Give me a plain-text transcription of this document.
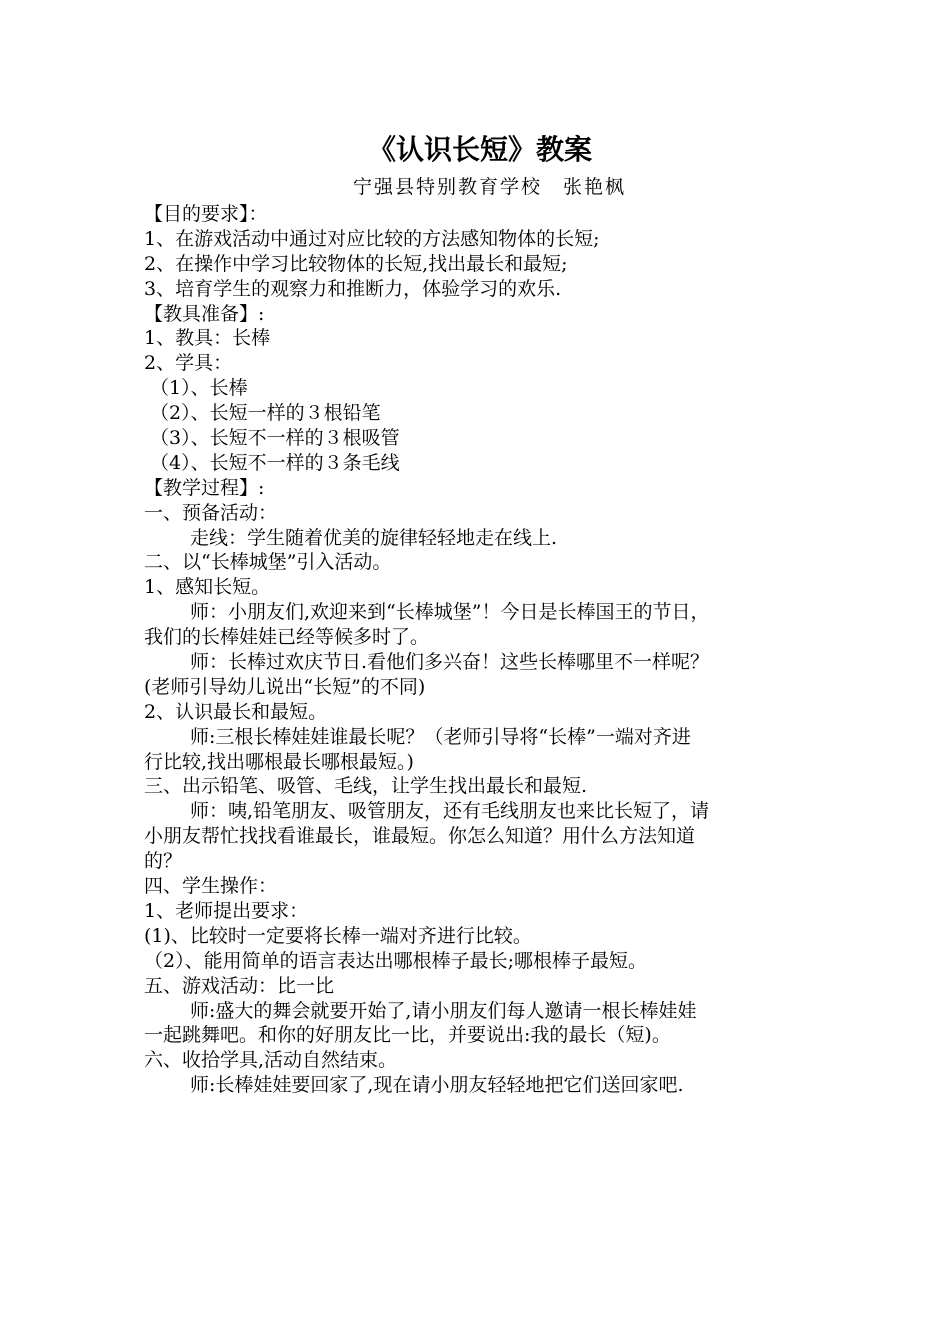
《认识长短》教案
宁强县特别教育学校　张艳枫
【目的要求】：
1、在游戏活动中通过对应比较的方法感知物体的长短;
2、在操作中学习比较物体的长短,找出最长和最短;
3、培育学生的观察力和推断力，体验学习的欢乐.
【教具准备】:
1、教具：长棒
2、学具：
（1）、长棒
（2）、长短一样的３根铅笔
（3）、长短不一样的３根吸管
（4）、长短不一样的３条毛线
【教学过程】:
一、预备活动：
走线：学生随着优美的旋律轻轻地走在线上.
二、以“长棒城堡”引入活动。
1、感知长短。
师：小朋友们,欢迎来到“长棒城堡”！今日是长棒国王的节日，
我们的长棒娃娃已经等候多时了。
师：长棒过欢庆节日.看他们多兴奋！这些长棒哪里不一样呢？
(老师引导幼儿说出“长短”的不同)
2、认识最长和最短。
师:三根长棒娃娃谁最长呢？（老师引导将“长棒”一端对齐进
行比较,找出哪根最长哪根最短。)
三、出示铅笔、吸管、毛线，让学生找出最长和最短.
师：咦,铅笔朋友、吸管朋友，还有毛线朋友也来比长短了，请
小朋友帮忙找找看谁最长，谁最短。你怎么知道？用什么方法知道
的？
四、学生操作：
1、老师提出要求：
(1)、比较时一定要将长棒一端对齐进行比较。
（2）、能用简单的语言表达出哪根棒子最长;哪根棒子最短。
五、游戏活动：比一比
师:盛大的舞会就要开始了,请小朋友们每人邀请一根长棒娃娃
一起跳舞吧。和你的好朋友比一比，并要说出:我的最长（短)。
六、收拾学具,活动自然结束。
师:长棒娃娃要回家了,现在请小朋友轻轻地把它们送回家吧.
